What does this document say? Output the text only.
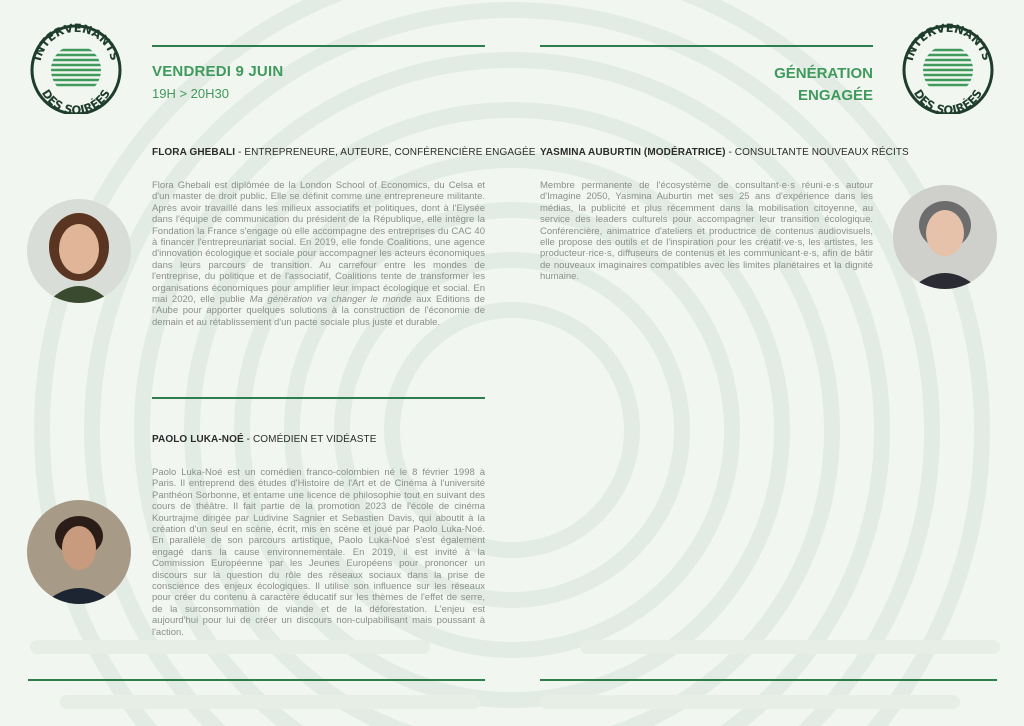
INTERVENANTS
DES SOIRÉES
INTERVENANTS
DES SOIRÉES
VENDREDI 9 JUIN
19H > 20H30
GÉNÉRATION
ENGAGÉE
FLORA GHEBALI - ENTREPRENEURE, AUTEURE, CONFÉRENCIÈRE ENGAGÉE
Flora Ghebali est diplômée de la London School of Economics, du Celsa et d'un master de droit public. Elle se définit comme une entrepreneure militante. Après avoir travaillé dans les milieux associatifs et politiques, dont à l'Elysée dans l'équipe de communication du président de la République, elle intègre la Fondation la France s'engage où elle accompagne des entreprises du CAC 40 à financer l'entrepreunariat social. En 2019, elle fonde Coalitions, une agence d'innovation écologique et sociale pour accompagner les acteurs économiques dans leurs parcours de transition. Au carrefour entre les mondes de l'entreprise, du politique et de l'associatif, Coalitions tente de transformer les organisations économiques pour amplifier leur impact écologique et social. En mai 2020, elle publie Ma génération va changer le monde aux Editions de l'Aube pour apporter quelques solutions à la construction de l'économie de demain et au rétablissement d'un pacte sociale plus juste et durable.
YASMINA AUBURTIN (MODÉRATRICE) - CONSULTANTE NOUVEAUX RÉCITS
Membre permanente de l'écosystème de consultant·e·s réuni·e·s autour d'Imagine 2050, Yasmina Auburtin met ses 25 ans d'expérience dans les médias, la publicité et plus récemment dans la mobilisation citoyenne, au service des leaders culturels pour accompagner leur transition écologique. Conférencière, animatrice d'ateliers et productrice de contenus audiovisuels, elle propose des outils et de l'inspiration pour les créatif·ve·s, les artistes, les producteur·rice·s, diffuseurs de contenus et les communicant·e·s, afin de bâtir de nouveaux imaginaires compatibles avec les limites planétaires et la dignité humaine.
PAOLO LUKA-NOÉ - COMÉDIEN ET VIDÉASTE
Paolo Luka-Noé est un comédien franco-colombien né le 8 février 1998 à Paris. Il entreprend des études d'Histoire de l'Art et de Cinéma à l'université Panthéon Sorbonne, et entame une licence de philosophie tout en suivant des cours de théâtre. Il fait partie de la promotion 2023 de l'école de cinéma Kourtrajme dirigée par Ludivine Sagnier et Sebastien Davis, qui aboutit à la création d'un seul en scène, écrit, mis en scène et joué par Paolo Luka-Noé. En parallèle de son parcours artistique, Paolo Luka-Noé s'est également engagé dans la cause environnementale. En 2019, il est invité à la Commission Européenne par les Jeunes Européens pour prononcer un discours sur la question du rôle des réseaux sociaux dans la prise de conscience des enjeux écologiques. Il utilise son influence sur les réseaux pour créer du contenu à caractère éducatif sur les thèmes de l'effet de serre, de la surconsommation de viande et de la déforestation. L'enjeu est aujourd'hui pour lui de créer un discours non-culpabilisant mais poussant à l'action.
